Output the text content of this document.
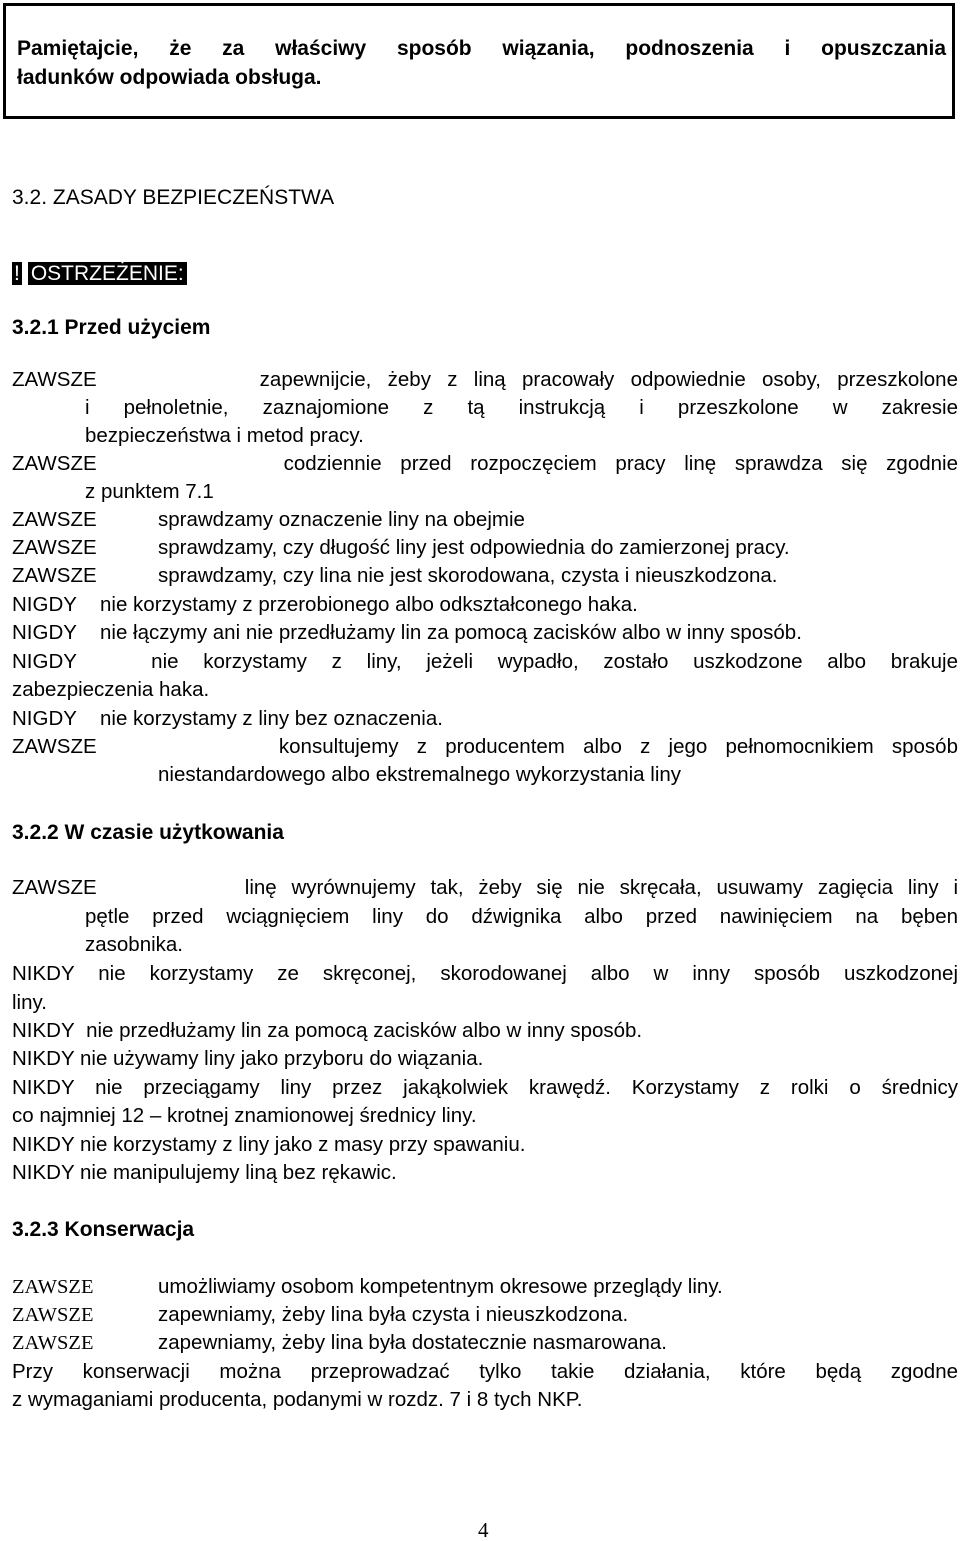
Pamiętajcie, że za właściwy sposób wiązania, podnoszenia i opuszczania
ładunków odpowiada obsługa.
3.2. ZASADY BEZPIECZEŃSTWA
! OSTRZEŻENIE:
3.2.1 Przed użyciem
ZAWSZE	zapewnijcie, żeby z liną pracowały odpowiednie osoby, przeszkolone
i pełnoletnie, zaznajomione z tą instrukcją i przeszkolone w zakresie
bezpieczeństwa i metod pracy.
ZAWSZE	codziennie przed rozpoczęciem pracy linę sprawdza się zgodnie
z punktem 7.1
ZAWSZE	sprawdzamy oznaczenie liny na obejmie
ZAWSZE	sprawdzamy, czy długość liny jest odpowiednia do zamierzonej pracy.
ZAWSZE	sprawdzamy, czy lina nie jest skorodowana, czysta i nieuszkodzona.
NIGDY nie korzystamy z przerobionego albo odkształconego haka.
NIGDY nie łączymy ani nie przedłużamy lin za pomocą zacisków albo w inny sposób.
NIGDY	nie korzystamy z liny, jeżeli wypadło, zostało uszkodzone albo brakuje
zabezpieczenia haka.
NIGDY nie korzystamy z liny bez oznaczenia.
ZAWSZE	konsultujemy z producentem albo z jego pełnomocnikiem sposób
niestandardowego albo ekstremalnego wykorzystania liny
3.2.2 W czasie użytkowania
ZAWSZE	linę wyrównujemy tak, żeby się nie skręcała, usuwamy zagięcia liny i
pętle przed wciągnięciem liny do dźwignika albo przed nawinięciem na bęben
zasobnika.
NIKDY nie korzystamy ze skręconej, skorodowanej albo w inny sposób uszkodzonej
liny.
NIKDY nie przedłużamy lin za pomocą zacisków albo w inny sposób.
NIKDY nie używamy liny jako przyboru do wiązania.
NIKDY nie przeciągamy liny przez jakąkolwiek krawędź. Korzystamy z rolki o średnicy
co najmniej 12 – krotnej znamionowej średnicy liny.
NIKDY nie korzystamy z liny jako z masy przy spawaniu.
NIKDY nie manipulujemy liną bez rękawic.
3.2.3 Konserwacja
ZAWSZE	umożliwiamy osobom kompetentnym okresowe przeglądy liny.
ZAWSZE	zapewniamy, żeby lina była czysta i nieuszkodzona.
ZAWSZE	zapewniamy, żeby lina była dostatecznie nasmarowana.
Przy konserwacji można przeprowadzać tylko takie działania, które będą zgodne
z wymaganiami producenta, podanymi w rozdz. 7 i 8 tych NKP.
4
